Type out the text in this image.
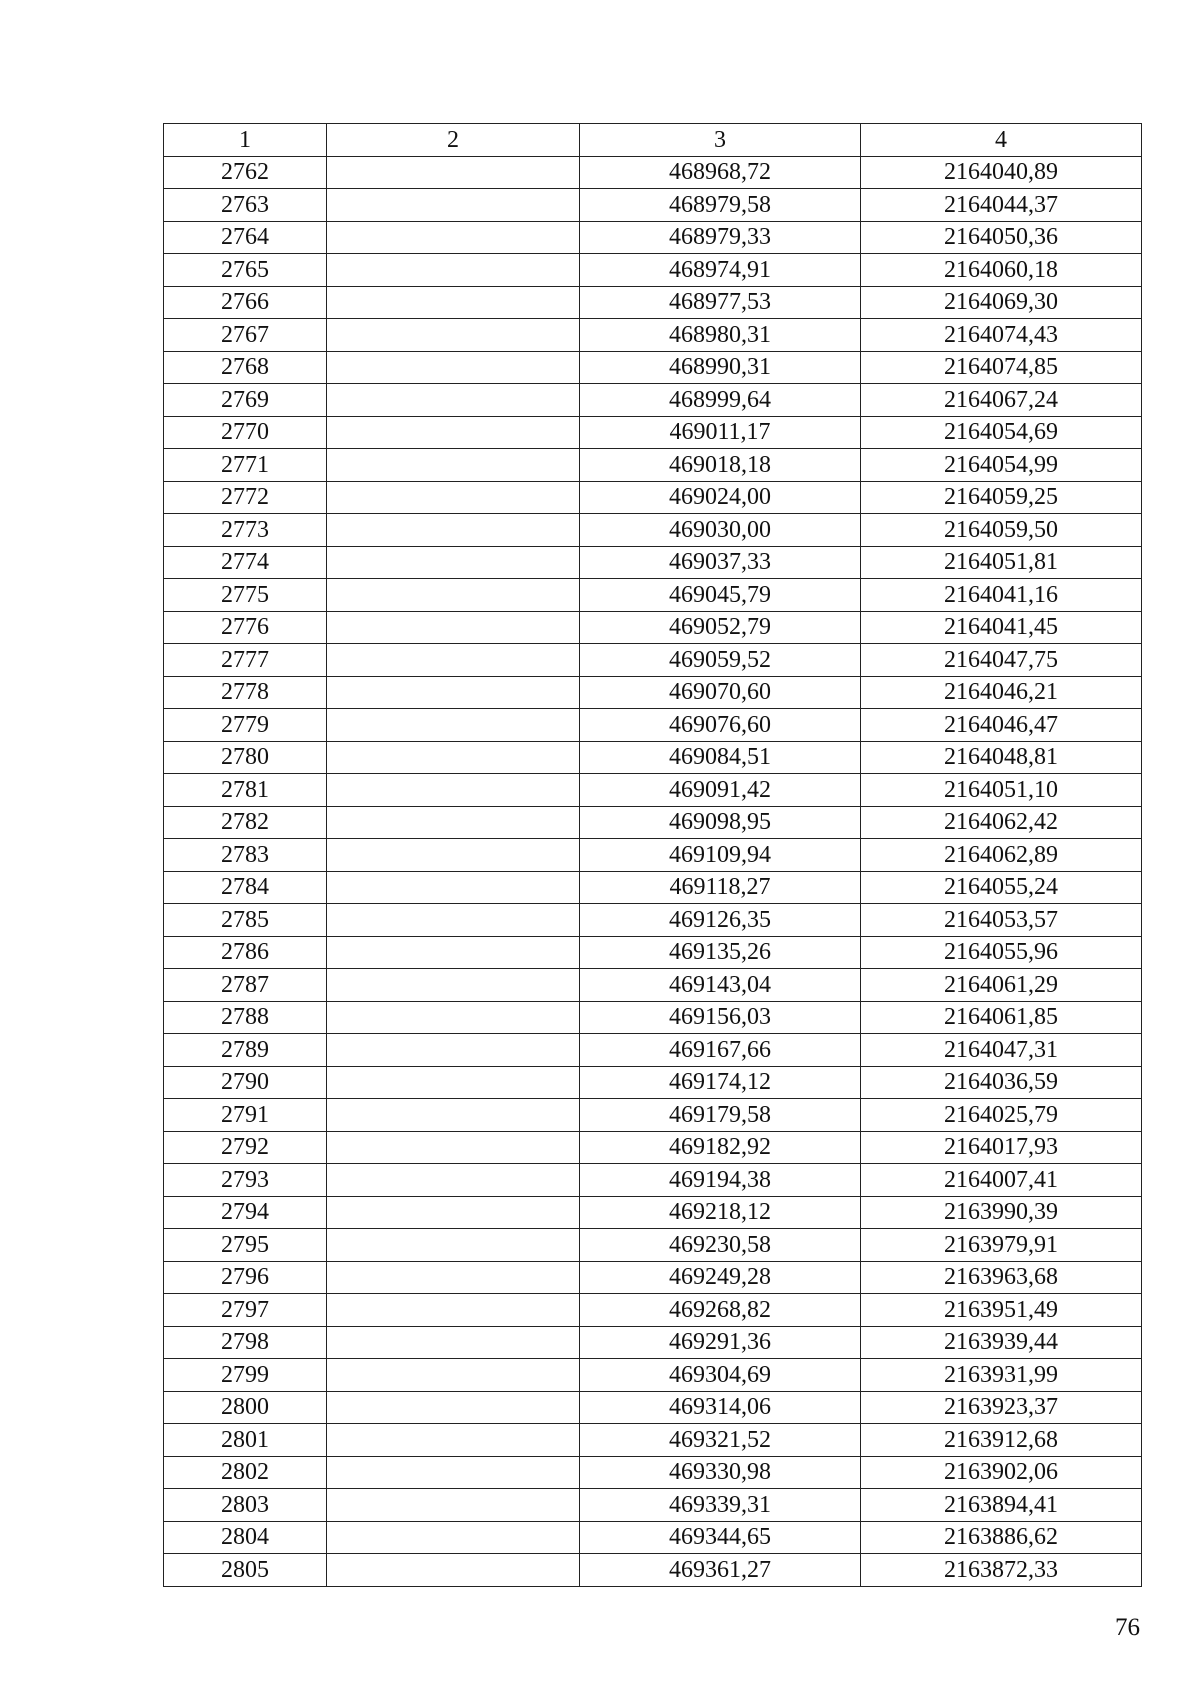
1	2	3	4
2762		468968,72	2164040,89
2763		468979,58	2164044,37
2764		468979,33	2164050,36
2765		468974,91	2164060,18
2766		468977,53	2164069,30
2767		468980,31	2164074,43
2768		468990,31	2164074,85
2769		468999,64	2164067,24
2770		469011,17	2164054,69
2771		469018,18	2164054,99
2772		469024,00	2164059,25
2773		469030,00	2164059,50
2774		469037,33	2164051,81
2775		469045,79	2164041,16
2776		469052,79	2164041,45
2777		469059,52	2164047,75
2778		469070,60	2164046,21
2779		469076,60	2164046,47
2780		469084,51	2164048,81
2781		469091,42	2164051,10
2782		469098,95	2164062,42
2783		469109,94	2164062,89
2784		469118,27	2164055,24
2785		469126,35	2164053,57
2786		469135,26	2164055,96
2787		469143,04	2164061,29
2788		469156,03	2164061,85
2789		469167,66	2164047,31
2790		469174,12	2164036,59
2791		469179,58	2164025,79
2792		469182,92	2164017,93
2793		469194,38	2164007,41
2794		469218,12	2163990,39
2795		469230,58	2163979,91
2796		469249,28	2163963,68
2797		469268,82	2163951,49
2798		469291,36	2163939,44
2799		469304,69	2163931,99
2800		469314,06	2163923,37
2801		469321,52	2163912,68
2802		469330,98	2163902,06
2803		469339,31	2163894,41
2804		469344,65	2163886,62
2805		469361,27	2163872,33
76
